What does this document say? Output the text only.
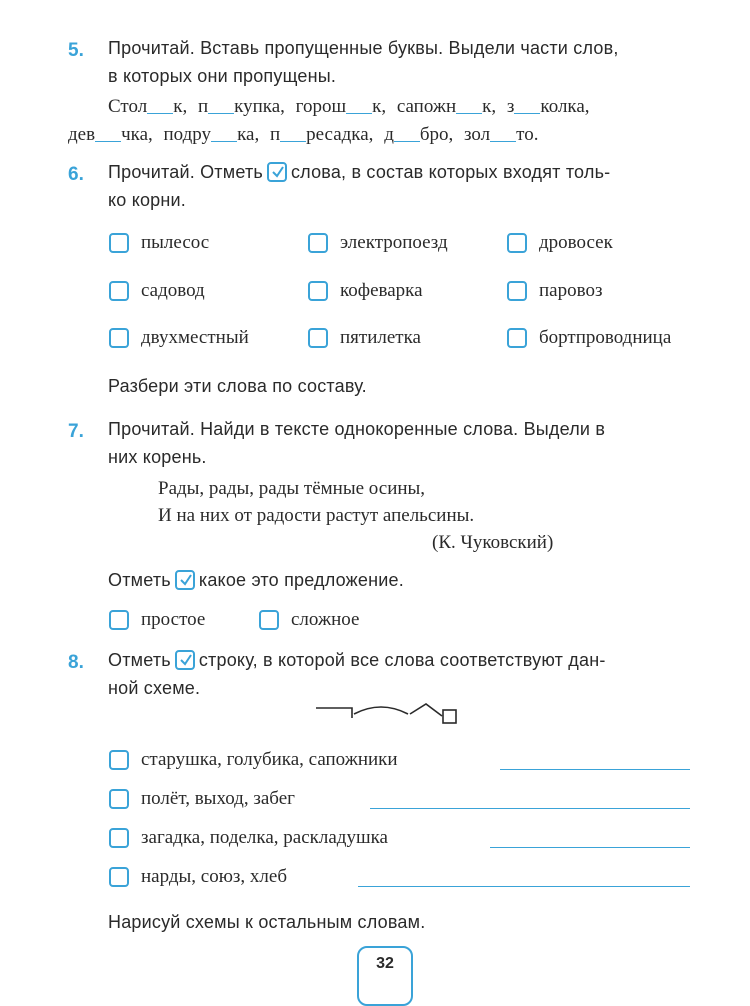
5. Прочитай. Вставь пропущенные буквы. Выдели части слов,
в которых они пропущены.
Стол к, п купка, горош к, сапожн к, з колка,
дев чка, подру ка, п ресадка, д бро, зол то.
6. Прочитай. Отметь слова, в состав которых входят толь-
ко корни.
пылесос	электропоезд	дровосек
садовод	кофеварка	паровоз
двухместный	пятилетка	бортпроводница
Разбери эти слова по составу.
7. Прочитай. Найди в тексте однокоренные слова. Выдели в
них корень.
Рады, рады, рады тёмные осины,
И на них от радости растут апельсины.
(К. Чуковский)
Отметь какое это предложение.
простое	сложное
8. Отметь строку, в которой все слова соответствуют дан-
ной схеме.
старушка, голубика, сапожники
полёт, выход, забег
загадка, поделка, раскладушка
нарды, союз, хлеб
Нарисуй схемы к остальным словам.
32
